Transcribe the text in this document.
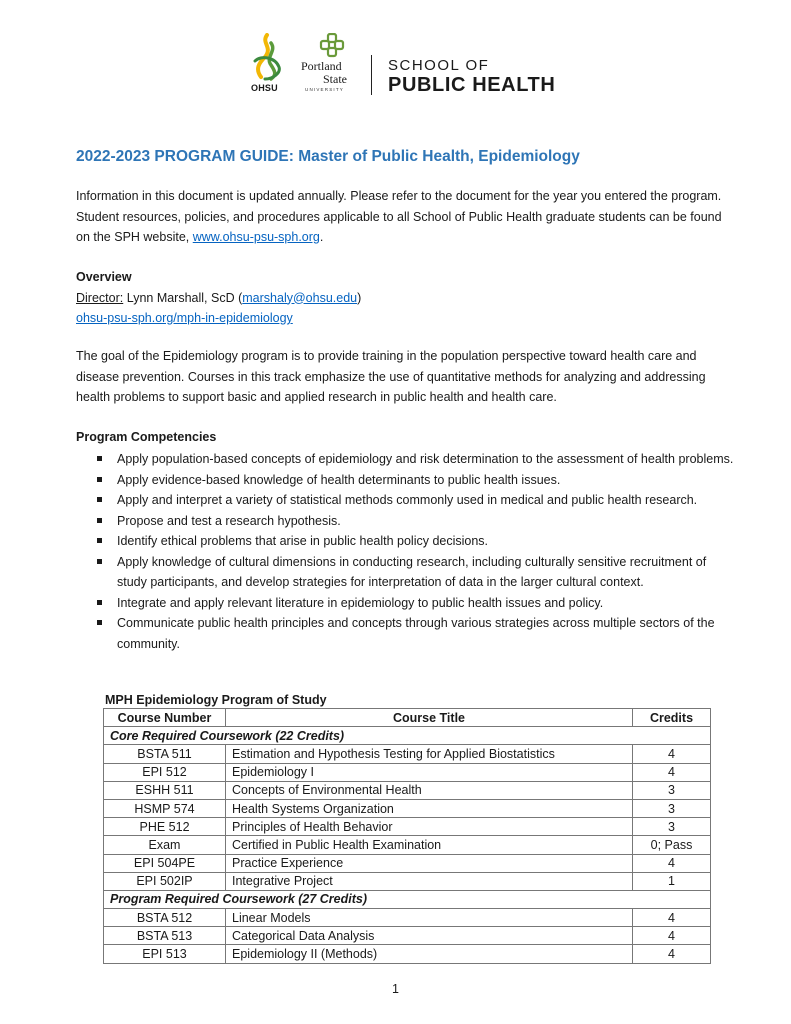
OHSU
Portland
State
UNIVERSITY
SCHOOL OF
PUBLIC HEALTH
2022-2023 PROGRAM GUIDE: Master of Public Health, Epidemiology

Information in this document is updated annually. Please refer to the document for the year you entered the program. Student resources, policies, and procedures applicable to all School of Public Health graduate students can be found on the SPH website, www.ohsu-psu-sph.org.

Overview
Director: Lynn Marshall, ScD (marshaly@ohsu.edu)
ohsu-psu-sph.org/mph-in-epidemiology

The goal of the Epidemiology program is to provide training in the population perspective toward health care and disease prevention. Courses in this track emphasize the use of quantitative methods for analyzing and addressing health problems to support basic and applied research in public health and health care.

Program Competencies
Apply population-based concepts of epidemiology and risk determination to the assessment of health problems.
Apply evidence-based knowledge of health determinants to public health issues.
Apply and interpret a variety of statistical methods commonly used in medical and public health research.
Propose and test a research hypothesis.
Identify ethical problems that arise in public health policy decisions.
Apply knowledge of cultural dimensions in conducting research, including culturally sensitive recruitment of study participants, and develop strategies for interpretation of data in the larger cultural context.
Integrate and apply relevant literature in epidemiology to public health issues and policy.
Communicate public health principles and concepts through various strategies across multiple sectors of the community.
MPH Epidemiology Program of Study
Course Number	Course Title	Credits
Core Required Coursework (22 Credits)		
BSTA 511	Estimation and Hypothesis Testing for Applied Biostatistics	4
EPI 512	Epidemiology I	4
ESHH 511	Concepts of Environmental Health	3
HSMP 574	Health Systems Organization	3
PHE 512	Principles of Health Behavior	3
Exam	Certified in Public Health Examination	0; Pass
EPI 504PE	Practice Experience	4
EPI 502IP	Integrative Project	1
Program Required Coursework (27 Credits)		
BSTA 512	Linear Models	4
BSTA 513	Categorical Data Analysis	4
EPI 513	Epidemiology II (Methods)	4
1
